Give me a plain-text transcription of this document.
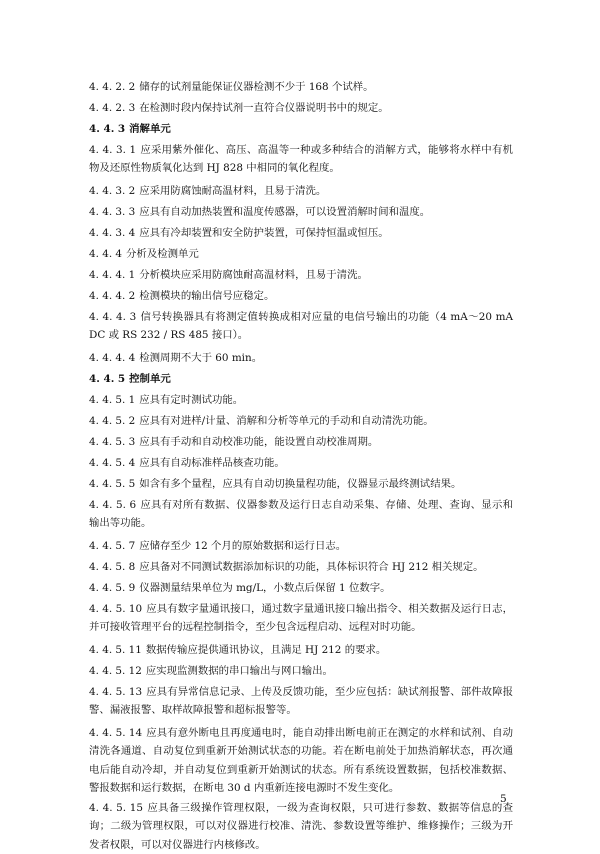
4. 4. 2. 2 储存的试剂量能保证仪器检测不少于 168 个试样。

4. 4. 2. 3 在检测时段内保持试剂一直符合仪器说明书中的规定。

4. 4. 3 消解单元

4. 4. 3. 1 应采用紫外催化、高压、高温等一种或多种结合的消解方式，能够将水样中有机物及还原性物质氧化达到 HJ 828 中相同的氧化程度。

4. 4. 3. 2 应采用防腐蚀耐高温材料，且易于清洗。

4. 4. 3. 3 应具有自动加热装置和温度传感器，可以设置消解时间和温度。

4. 4. 3. 4 应具有冷却装置和安全防护装置，可保持恒温或恒压。

4. 4. 4 分析及检测单元

4. 4. 4. 1 分析模块应采用防腐蚀耐高温材料，且易于清洗。

4. 4. 4. 2 检测模块的输出信号应稳定。

4. 4. 4. 3 信号转换器具有将测定值转换成相对应量的电信号输出的功能（4 mA～20 mA DC 或 RS 232 / RS 485 接口）。

4. 4. 4. 4 检测周期不大于 60 min。

4. 4. 5 控制单元

4. 4. 5. 1 应具有定时测试功能。

4. 4. 5. 2 应具有对进样/计量、消解和分析等单元的手动和自动清洗功能。

4. 4. 5. 3 应具有手动和自动校准功能，能设置自动校准周期。

4. 4. 5. 4 应具有自动标准样品核查功能。

4. 4. 5. 5 如含有多个量程，应具有自动切换量程功能，仪器显示最终测试结果。

4. 4. 5. 6 应具有对所有数据、仪器参数及运行日志自动采集、存储、处理、查询、显示和输出等功能。

4. 4. 5. 7 应储存至少 12 个月的原始数据和运行日志。

4. 4. 5. 8 应具备对不同测试数据添加标识的功能，具体标识符合 HJ 212 相关规定。

4. 4. 5. 9 仪器测量结果单位为 mg/L，小数点后保留 1 位数字。

4. 4. 5. 10 应具有数字量通讯接口，通过数字量通讯接口输出指令、相关数据及运行日志，并可接收管理平台的远程控制指令，至少包含远程启动、远程对时功能。

4. 4. 5. 11 数据传输应提供通讯协议，且满足 HJ 212 的要求。

4. 4. 5. 12 应实现监测数据的串口输出与网口输出。

4. 4. 5. 13 应具有异常信息记录、上传及反馈功能，至少应包括：缺试剂报警、部件故障报警、漏液报警、取样故障报警和超标报警等。

4. 4. 5. 14 应具有意外断电且再度通电时，能自动排出断电前正在测定的水样和试剂、自动清洗各通道、自动复位到重新开始测试状态的功能。若在断电前处于加热消解状态，再次通电后能自动冷却，并自动复位到重新开始测试的状态。所有系统设置数据，包括校准数据、警报数据和运行数据，在断电 30 d 内重新连接电源时不发生变化。

4. 4. 5. 15 应具备三级操作管理权限，一级为查询权限，只可进行参数、数据等信息的查询；二级为管理权限，可以对仪器进行校准、清洗、参数设置等维护、维修操作；三级为开发者权限，可以对仪器进行内核修改。

5
